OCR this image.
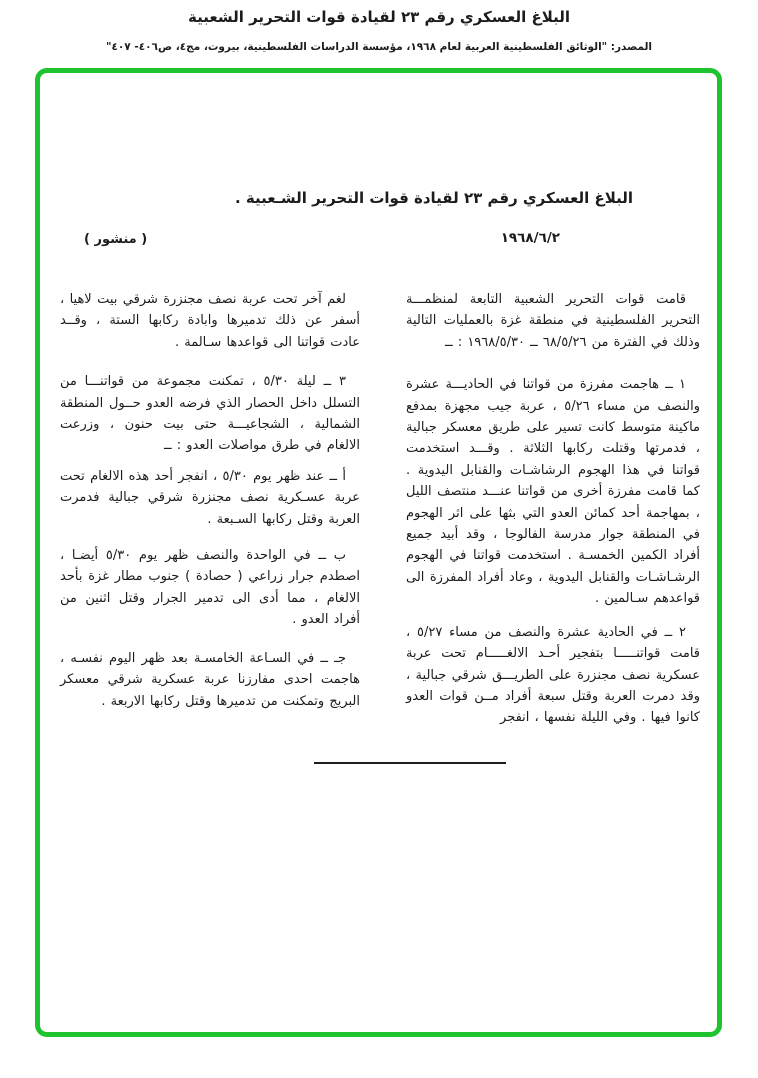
البلاغ العسكري رقم ٢٣ لقيادة قوات التحرير الشعبية
المصدر: "الوثائق الفلسطينية العربية لعام ١٩٦٨، مؤسسة الدراسات الفلسطينية، بيروت، مج٤، ص٤٠٦- ٤٠٧"
البلاغ العسكري رقم ٢٣ لقيادة قوات التحرير الشـعبية .
١٩٦٨/٦/٢
( منشور )

قامت قوات التحرير الشعبية التابعة لمنظمـــة التحرير الفلسطينية في منطقة غزة بالعمليات التالية وذلك في الفترة من ٦٨/٥/٢٦ ــ ١٩٦٨/٥/٣٠ : ــ

١ ــ هاجمت مفرزة من قواتنا في الحاديـــة عشرة والنصف من مساء ٥/٢٦ ، عربة جيب مجهزة بمدفع ماكينة متوسط كانت تسير على طريق معسكر جبالية ، فدمرتها وقتلت ركابها الثلاثة . وقـــد استخدمت قواتنا في هذا الهجوم الرشاشـات والقنابل اليدوية . كما قامت مفرزة أخرى من قواتنا عنـــد منتصف الليل ، بمهاجمة أحد كمائن العدو التي بثها على اثر الهجوم في المنطقة جوار مدرسة الفالوجا ، وقد أبيد جميع أفراد الكمين الخمسـة . استخدمت قواتنا في الهجوم الرشـاشـات والقنابل اليدوية ، وعاد أفراد المفرزة الى قواعدهم سـالمين .

٢ ــ في الحادية عشرة والنصف من مساء ٥/٢٧ ، قامت قواتنـــــا بتفجير أحـد الالغـــــام تحت عربة عسكرية نصف مجنزرة على الطريـــق شرقي جبالية ، وقد دمرت العربة وقتل سبعة أفراد مــن قوات العدو كانوا فيها . وفي الليلة نفسها ، انفجر

لغم آخر تحت عربة نصف مجنزرة شرقي بيت لاهيا ، أسفر عن ذلك تدميرها وابادة ركابها الستة ، وقــد عادت قواتنا الى قواعدها سـالمة .

٣ ــ ليلة ٥/٣٠ ، تمكنت مجموعة من قواتنـــا من التسلل داخل الحصار الذي فرضه العدو حــول المنطقة الشمالية ، الشجاعيـــة حتى بيت حنون ، وزرعت الالغام في طرق مواصلات العدو : ــ

أ ــ عند ظهر يوم ٥/٣٠ ، انفجر أحد هذه الالغام تحت عربة عسـكرية نصف مجنزرة شرقي جبالية فدمرت العربة وقتل ركابها السـبعة .

ب ــ في الواحدة والنصف ظهر يوم ٥/٣٠ أيضـا ، اصطدم جرار زراعي ( حصادة ) جنوب مطار غزة بأحد الالغام ، مما أدى الى تدمير الجرار وقتل اثنين من أفراد العدو .

جـ ــ في السـاعة الخامسـة بعد ظهر اليوم نفسـه ، هاجمت احدى مفارزنا عربة عسكرية شرقي معسكر البريج وتمكنت من تدميرها وقتل ركابها الاربعة .
